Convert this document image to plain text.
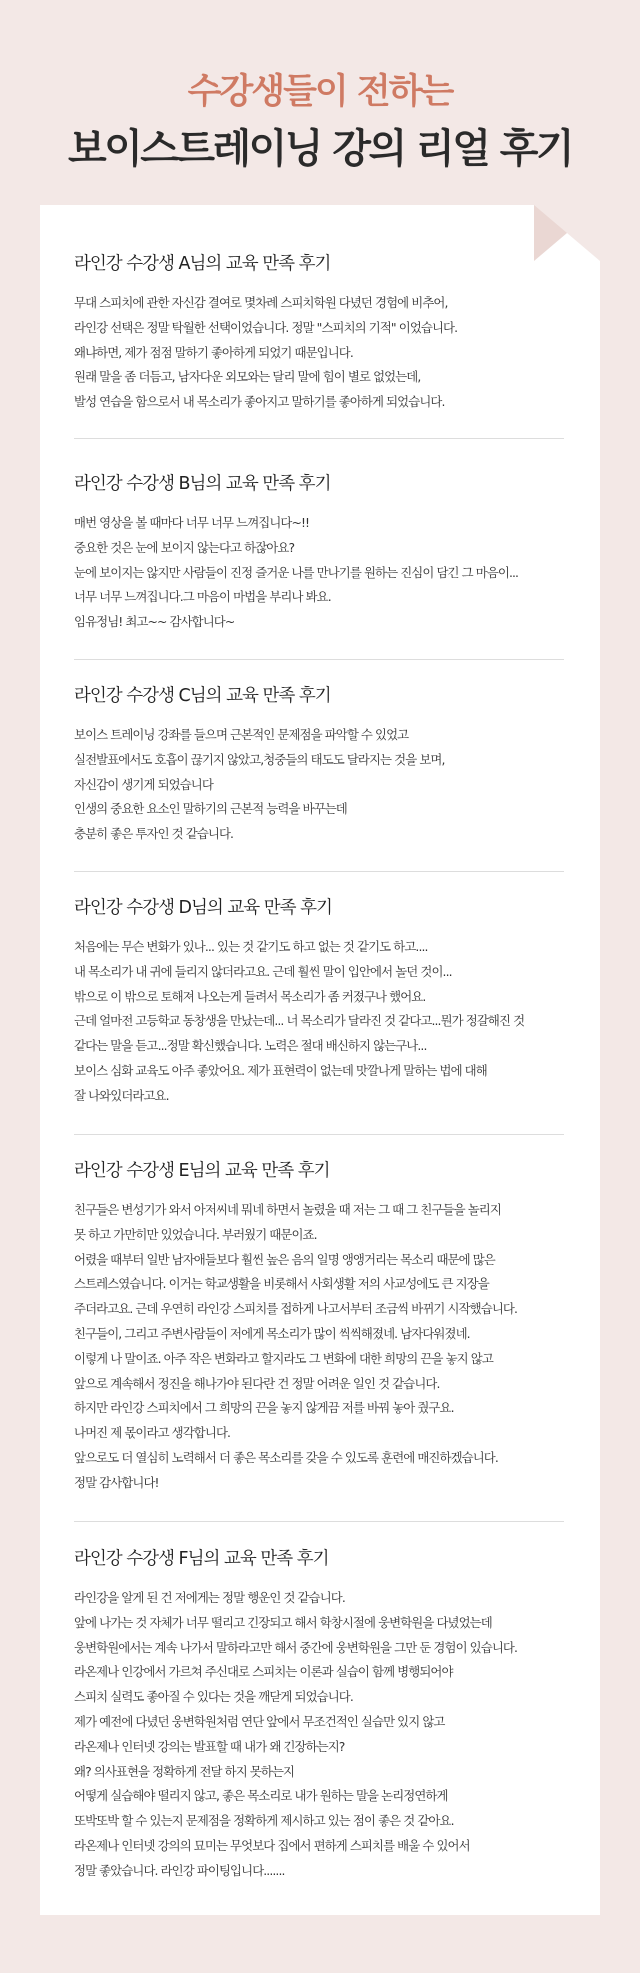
수강생들이 전하는
보이스트레이닝 강의 리얼 후기

라인강 수강생 A님의 교육 만족 후기

무대 스피치에 관한 자신감 결여로 몇차례 스피치학원 다녔던 경험에 비추어,

라인강 선택은 정말 탁월한 선택이었습니다. 정말 "스피치의 기적" 이었습니다.

왜냐하면, 제가 점점 말하기 좋아하게 되었기 때문입니다.

원래 말을 좀 더듬고, 남자다운 외모와는 달리 말에 힘이 별로 없었는데,

발성 연습을 함으로서 내 목소리가 좋아지고 말하기를 좋아하게 되었습니다.

라인강 수강생 B님의 교육 만족 후기

매번 영상을 볼 때마다 너무 너무 느껴집니다~!!

중요한 것은 눈에 보이지 않는다고 하잖아요?

눈에 보이지는 않지만 사람들이 진정 즐거운 나를 만나기를 원하는 진심이 담긴 그 마음이...

너무 너무 느껴집니다.그 마음이 마법을 부리나 봐요.

임유정님! 최고~~ 감사합니다~

라인강 수강생 C님의 교육 만족 후기

보이스 트레이닝 강좌를 들으며 근본적인 문제점을 파악할 수 있었고

실전발표에서도 호흡이 끊기지 않았고,청중들의 태도도 달라지는 것을 보며,

자신감이 생기게 되었습니다

인생의 중요한 요소인 말하기의 근본적 능력을 바꾸는데

충분히 좋은 투자인 것 같습니다.

라인강 수강생 D님의 교육 만족 후기

처음에는 무슨 변화가 있나... 있는 것 같기도 하고 없는 것 같기도 하고....

내 목소리가 내 귀에 들리지 않더라고요. 근데 훨씬 말이 입안에서 놀던 것이...

밖으로 이 밖으로 토해져 나오는게 들려서 목소리가 좀 커졌구나 했어요.

근데 얼마전 고등학교 동창생을 만났는데... 너 목소리가 달라진 것 같다고...뭔가 정갈해진 것

같다는 말을 듣고...정말 확신했습니다. 노력은 절대 배신하지 않는구나...

보이스 심화 교육도 아주 좋았어요. 제가 표현력이 없는데 맛깔나게 말하는 법에 대해

잘 나와있더라고요.

라인강 수강생 E님의 교육 만족 후기

친구들은 변성기가 와서 아저씨네 뭐네 하면서 놀렸을 때 저는 그 때 그 친구들을 놀리지

못 하고 가만히만 있었습니다. 부러웠기 때문이죠.

어렸을 때부터 일반 남자애들보다 훨씬 높은 음의 일명 앵앵거리는 목소리 때문에 많은

스트레스였습니다. 이거는 학교생활을 비롯해서 사회생활 저의 사교성에도 큰 지장을

주더라고요. 근데 우연히 라인강 스피치를 접하게 나고서부터 조금씩 바뀌기 시작했습니다.

친구들이, 그리고 주변사람들이 저에게 목소리가 많이 씩씩해졌네. 남자다워졌네.

이렇게 나 말이죠. 아주 작은 변화라고 할지라도 그 변화에 대한 희망의 끈을 놓지 않고

앞으로 계속해서 정진을 해나가야 된다란 건 정말 어려운 일인 것 같습니다.

하지만 라인강 스피치에서 그 희망의 끈을 놓지 않게끔 저를 바꿔 놓아 줬구요.

나머진 제 몫이라고 생각합니다.

앞으로도 더 열심히 노력해서 더 좋은 목소리를 갖을 수 있도록 훈련에 매진하겠습니다.

정말 감사합니다!

라인강 수강생 F님의 교육 만족 후기

라인강을 알게 된 건 저에게는 정말 행운인 것 같습니다.

앞에 나가는 것 자체가 너무 떨리고 긴장되고 해서 학창시절에 웅변학원을 다녔었는데

웅변학원에서는 계속 나가서 말하라고만 해서 중간에 웅변학원을 그만 둔 경험이 있습니다.

라온제나 인강에서 가르쳐 주신대로 스피치는 이론과 실습이 함께 병행되어야

스피치 실력도 좋아질 수 있다는 것을 깨닫게 되었습니다.

제가 예전에 다녔던 웅변학원처럼 연단 앞에서 무조건적인 실습만 있지 않고

라온제나 인터넷 강의는 발표할 때 내가 왜 긴장하는지?

왜? 의사표현을 정확하게 전달 하지 못하는지

어떻게 실습해야 떨리지 않고, 좋은 목소리로 내가 원하는 말을 논리정연하게

또박또박 할 수 있는지 문제점을 정확하게 제시하고 있는 점이 좋은 것 같아요.

라온제나 인터넷 강의의 묘미는 무엇보다 집에서 편하게 스피치를 배울 수 있어서

정말 좋았습니다. 라인강 파이팅입니다.......
